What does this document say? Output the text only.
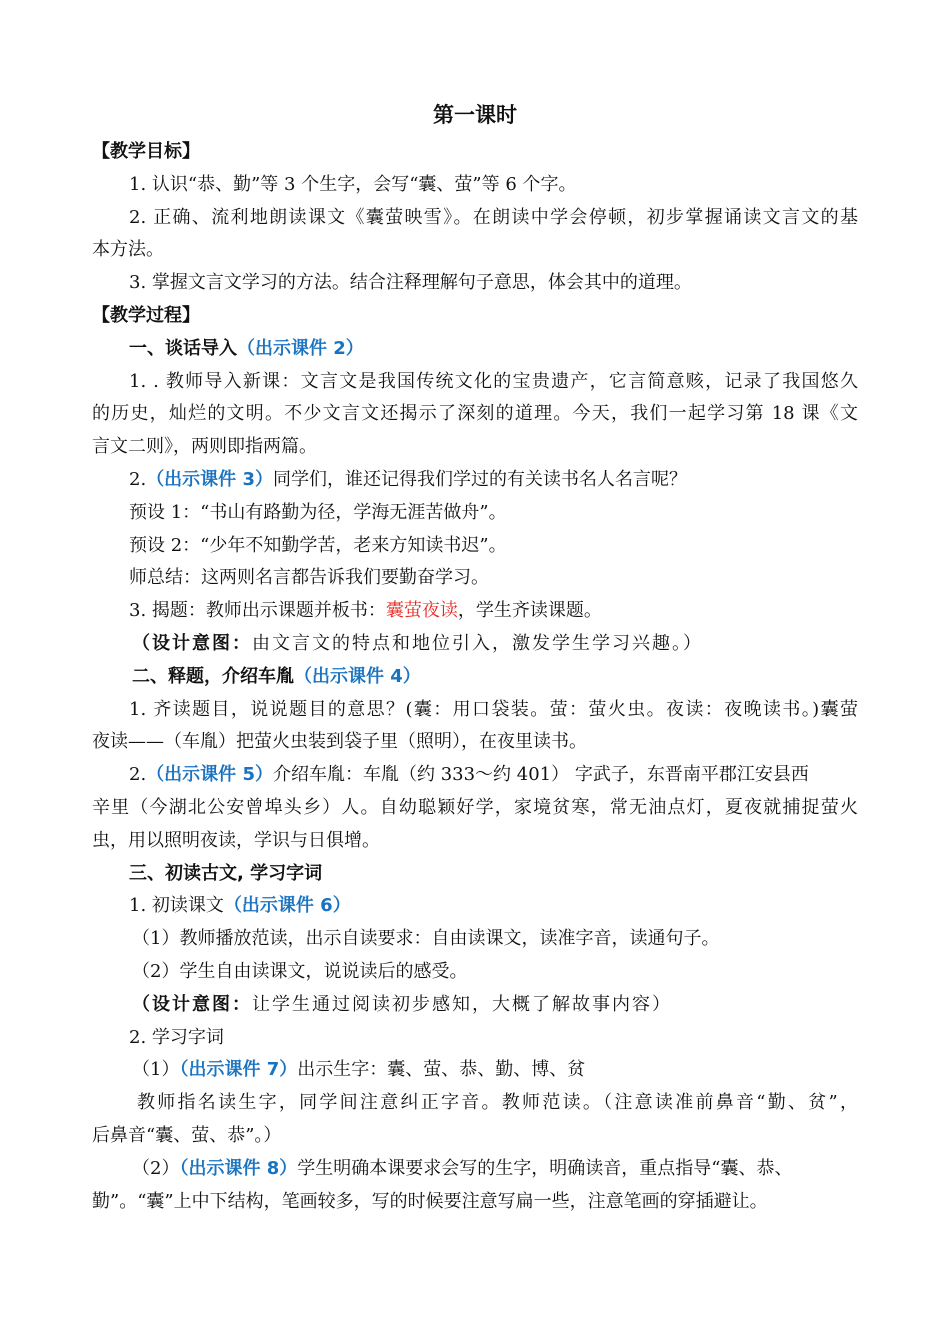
第一课时
【教学目标】
1. 认识“恭、勤”等 3 个生字，会写“囊、萤”等 6 个字。
2. 正确、流利地朗读课文《囊萤映雪》。在朗读中学会停顿，初步掌握诵读文言文的基
本方法。
3. 掌握文言文学习的方法。结合注释理解句子意思，体会其中的道理。
【教学过程】
一、谈话导入（出示课件 2）
1. . 教师导入新课：文言文是我国传统文化的宝贵遗产，它言简意赅，记录了我国悠久
的历史，灿烂的文明。不少文言文还揭示了深刻的道理。今天，我们一起学习第 18 课《文
言文二则》，两则即指两篇。
2.（出示课件 3）同学们，谁还记得我们学过的有关读书名人名言呢？
预设 1：“书山有路勤为径，学海无涯苦做舟”。
预设 2：“少年不知勤学苦，老来方知读书迟”。
师总结：这两则名言都告诉我们要勤奋学习。
3. 揭题：教师出示课题并板书：囊萤夜读，学生齐读课题。
（设计意图：由文言文的特点和地位引入，激发学生学习兴趣。）
二、释题，介绍车胤（出示课件 4）
1. 齐读题目，说说题目的意思？(囊：用口袋装。萤：萤火虫。夜读：夜晚读书。)囊萤
夜读——（车胤）把萤火虫装到袋子里（照明），在夜里读书。
2.（出示课件 5）介绍车胤：车胤（约 333～约 401） 字武子，东晋南平郡江安县西
辛里（今湖北公安曾埠头乡）人。自幼聪颖好学，家境贫寒，常无油点灯，夏夜就捕捉萤火
虫，用以照明夜读，学识与日俱增。
三、初读古文, 学习字词
1. 初读课文（出示课件 6）
（1）教师播放范读，出示自读要求：自由读课文，读准字音，读通句子。
（2）学生自由读课文，说说读后的感受。
（设计意图：让学生通过阅读初步感知，大概了解故事内容）
2. 学习字词
（1）（出示课件 7）出示生字：囊、萤、恭、勤、博、贫
教师指名读生字，同学间注意纠正字音。教师范读。（注意读准前鼻音“勤、贫”，
后鼻音“囊、萤、恭”。）
（2）（出示课件 8）学生明确本课要求会写的生字，明确读音，重点指导“囊、恭、
勤”。“囊”上中下结构，笔画较多，写的时候要注意写扁一些，注意笔画的穿插避让。
